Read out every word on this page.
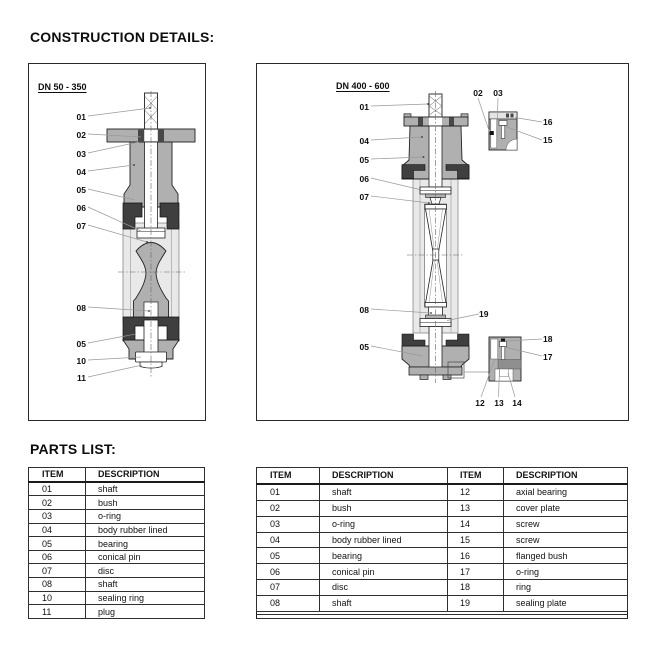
CONSTRUCTION DETAILS:
DN 50 - 350
01
02
03
04
05
06
07
08
05
10
11
DN 400 - 600
01
02	03
16
15
04
05
06
07
08	19
05
18
17
12	13	14
PARTS LIST:
ITEM	DESCRIPTION
01	shaft
02	bush
03	o-ring
04	body rubber lined
05	bearing
06	conical pin
07	disc
08	shaft
10	sealing ring
11	plug
ITEM	DESCRIPTION	ITEM	DESCRIPTION
01	shaft	12	axial bearing
02	bush	13	cover plate
03	o-ring	14	screw
04	body rubber lined	15	screw
05	bearing	16	flanged bush
06	conical pin	17	o-ring
07	disc	18	ring
08	shaft	19	sealing plate
